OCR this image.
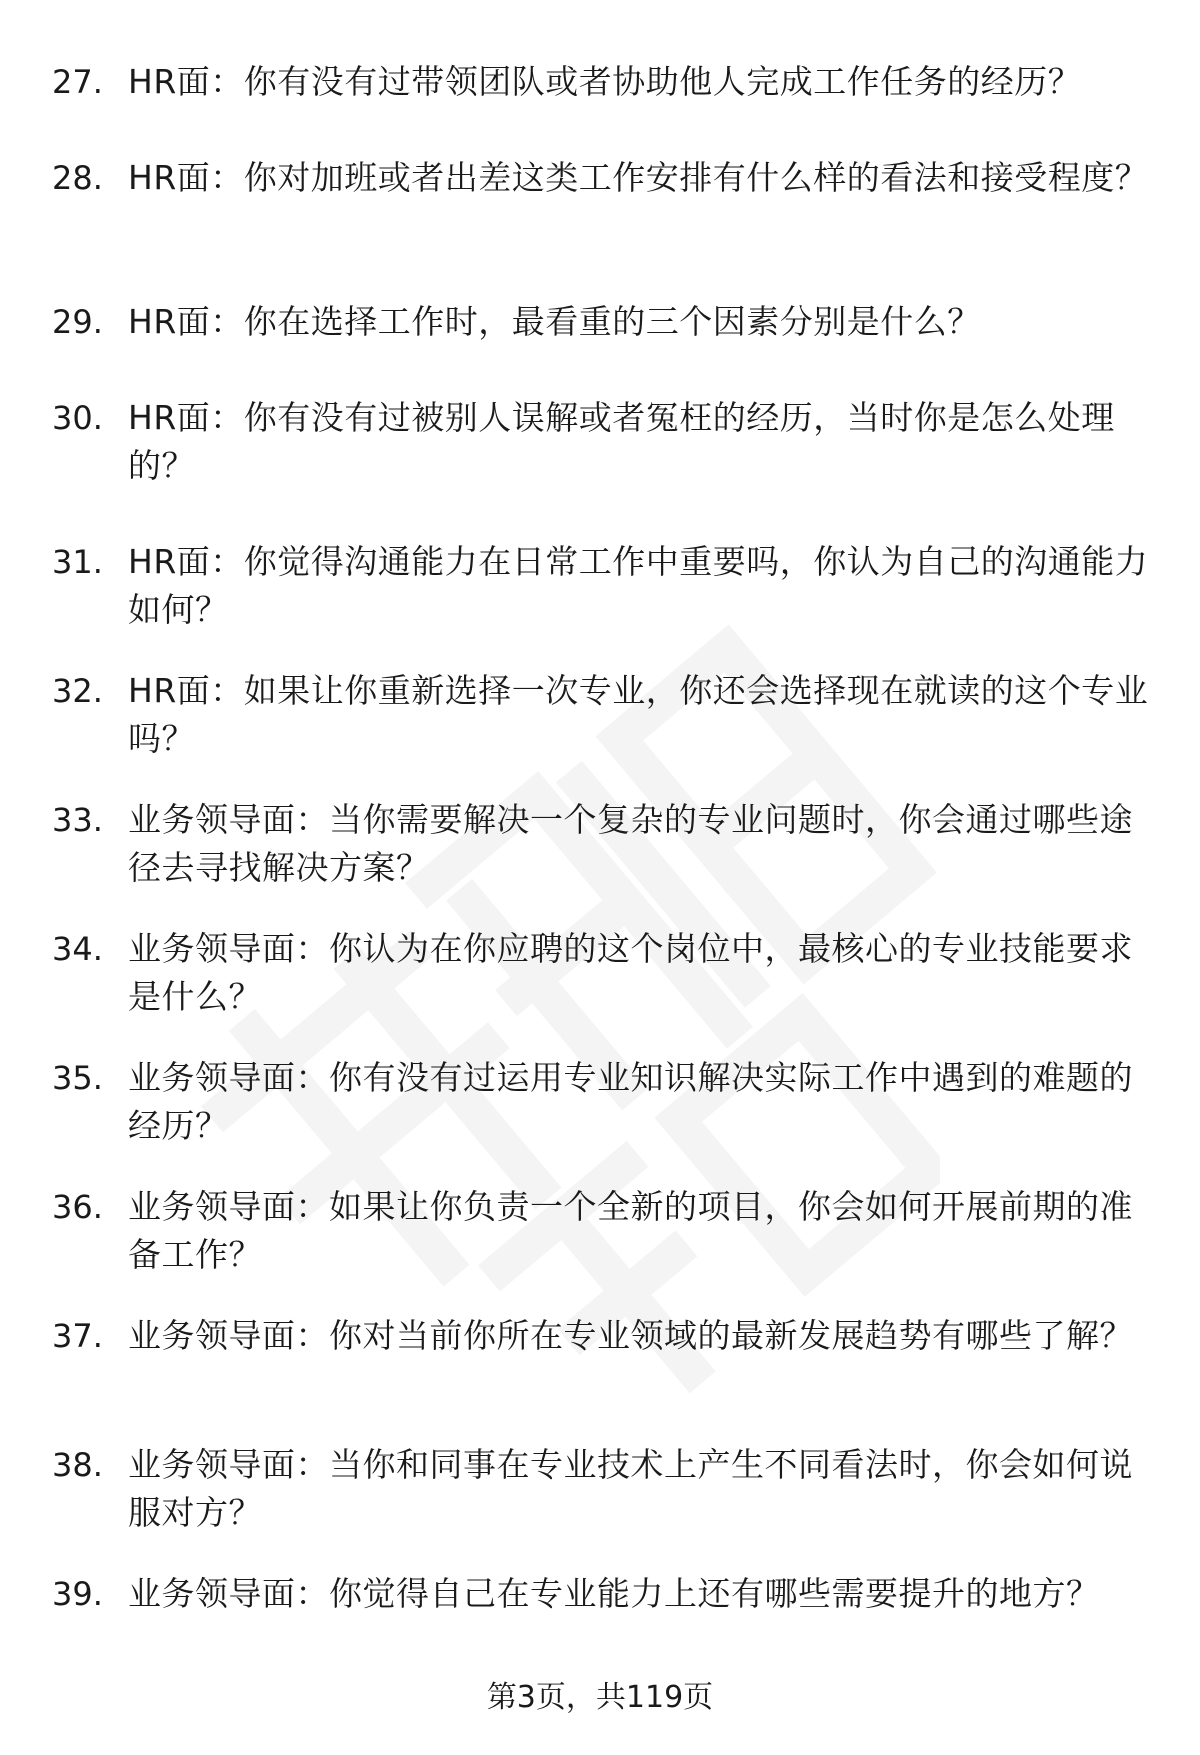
27. HR面：你有没有过带领团队或者协助他人完成工作任务的经历？
28. HR面：你对加班或者出差这类工作安排有什么样的看法和接受程度？
29. HR面：你在选择工作时，最看重的三个因素分别是什么？
30. HR面：你有没有过被别人误解或者冤枉的经历，当时你是怎么处理的？
31. HR面：你觉得沟通能力在日常工作中重要吗，你认为自己的沟通能力如何？
32. HR面：如果让你重新选择一次专业，你还会选择现在就读的这个专业吗？
33. 业务领导面：当你需要解决一个复杂的专业问题时，你会通过哪些途径去寻找解决方案？
34. 业务领导面：你认为在你应聘的这个岗位中，最核心的专业技能要求是什么？
35. 业务领导面：你有没有过运用专业知识解决实际工作中遇到的难题的经历？
36. 业务领导面：如果让你负责一个全新的项目，你会如何开展前期的准备工作？
37. 业务领导面：你对当前你所在专业领域的最新发展趋势有哪些了解？
38. 业务领导面：当你和同事在专业技术上产生不同看法时，你会如何说服对方？
39. 业务领导面：你觉得自己在专业能力上还有哪些需要提升的地方？
第3页，共119页
